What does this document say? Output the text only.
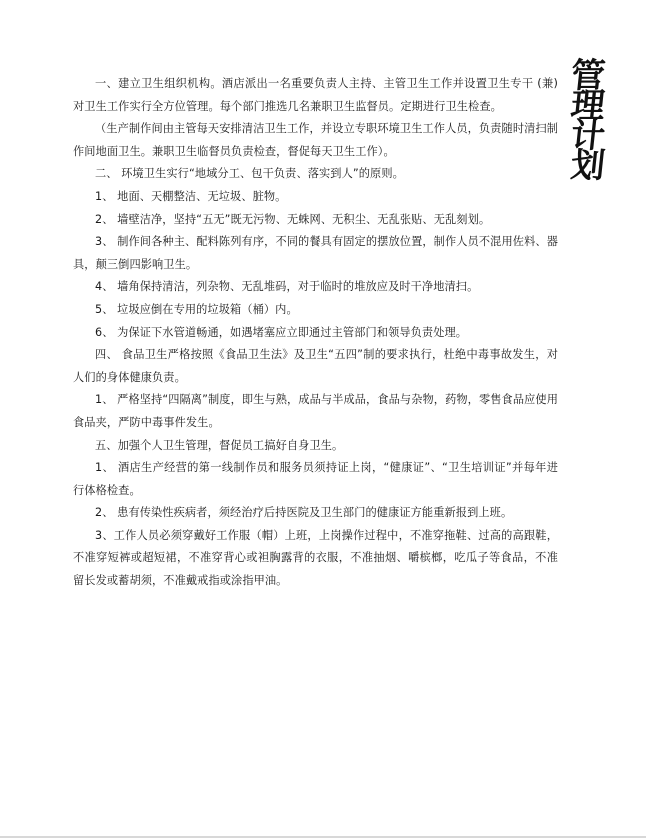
管
理
计
划

一、建立卫生组织机构。酒店派出一名重要负责人主持、主管卫生工作并设置卫生专干 (兼) 对卫生工作实行全方位管理。每个部门推选几名兼职卫生监督员。定期进行卫生检查。

（生产制作间由主管每天安排清洁卫生工作，并设立专职环境卫生工作人员，负责随时清扫制作间地面卫生。兼职卫生临督员负责检查，督促每天卫生工作）。

二、 环境卫生实行“地域分工、包干负责、落实到人”的原则。

1、 地面、天棚整洁、无垃圾、脏物。

2、 墙壁洁净，坚持“五无”既无污物、无蛛网、无积尘、无乱张贴、无乱刻划。

3、 制作间各种主、配料陈列有序，不同的餐具有固定的摆放位置，制作人员不混用佐料、器具，颠三倒四影响卫生。

4、 墙角保持清洁，列杂物、无乱堆码，对于临时的堆放应及时干净地清扫。

5、 垃圾应倒在专用的垃圾箱（桶）内。

6、 为保证下水管道畅通，如遇堵塞应立即通过主管部门和领导负责处理。

四、 食品卫生严格按照《食品卫生法》及卫生“五四”制的要求执行，杜绝中毒事故发生，对人们的身体健康负责。

1、 严格坚持“四隔离”制度，即生与熟，成品与半成品，食品与杂物，药物，零售食品应使用食品夹，严防中毒事件发生。

五、加强个人卫生管理，督促员工搞好自身卫生。

1、 酒店生产经营的第一线制作员和服务员须持证上岗，“健康证”、“卫生培训证”并每年进行体格检查。

2、 患有传染性疾病者，须经治疗后持医院及卫生部门的健康证方能重新报到上班。

3、工作人员必须穿戴好工作服（帽）上班，上岗操作过程中，不准穿拖鞋、过高的高跟鞋，不准穿短裤或超短裙，不准穿背心或袒胸露背的衣服，不准抽烟、嚼槟榔，吃瓜子等食品，不准留长发或蓄胡须，不准戴戒指或涂指甲油。
